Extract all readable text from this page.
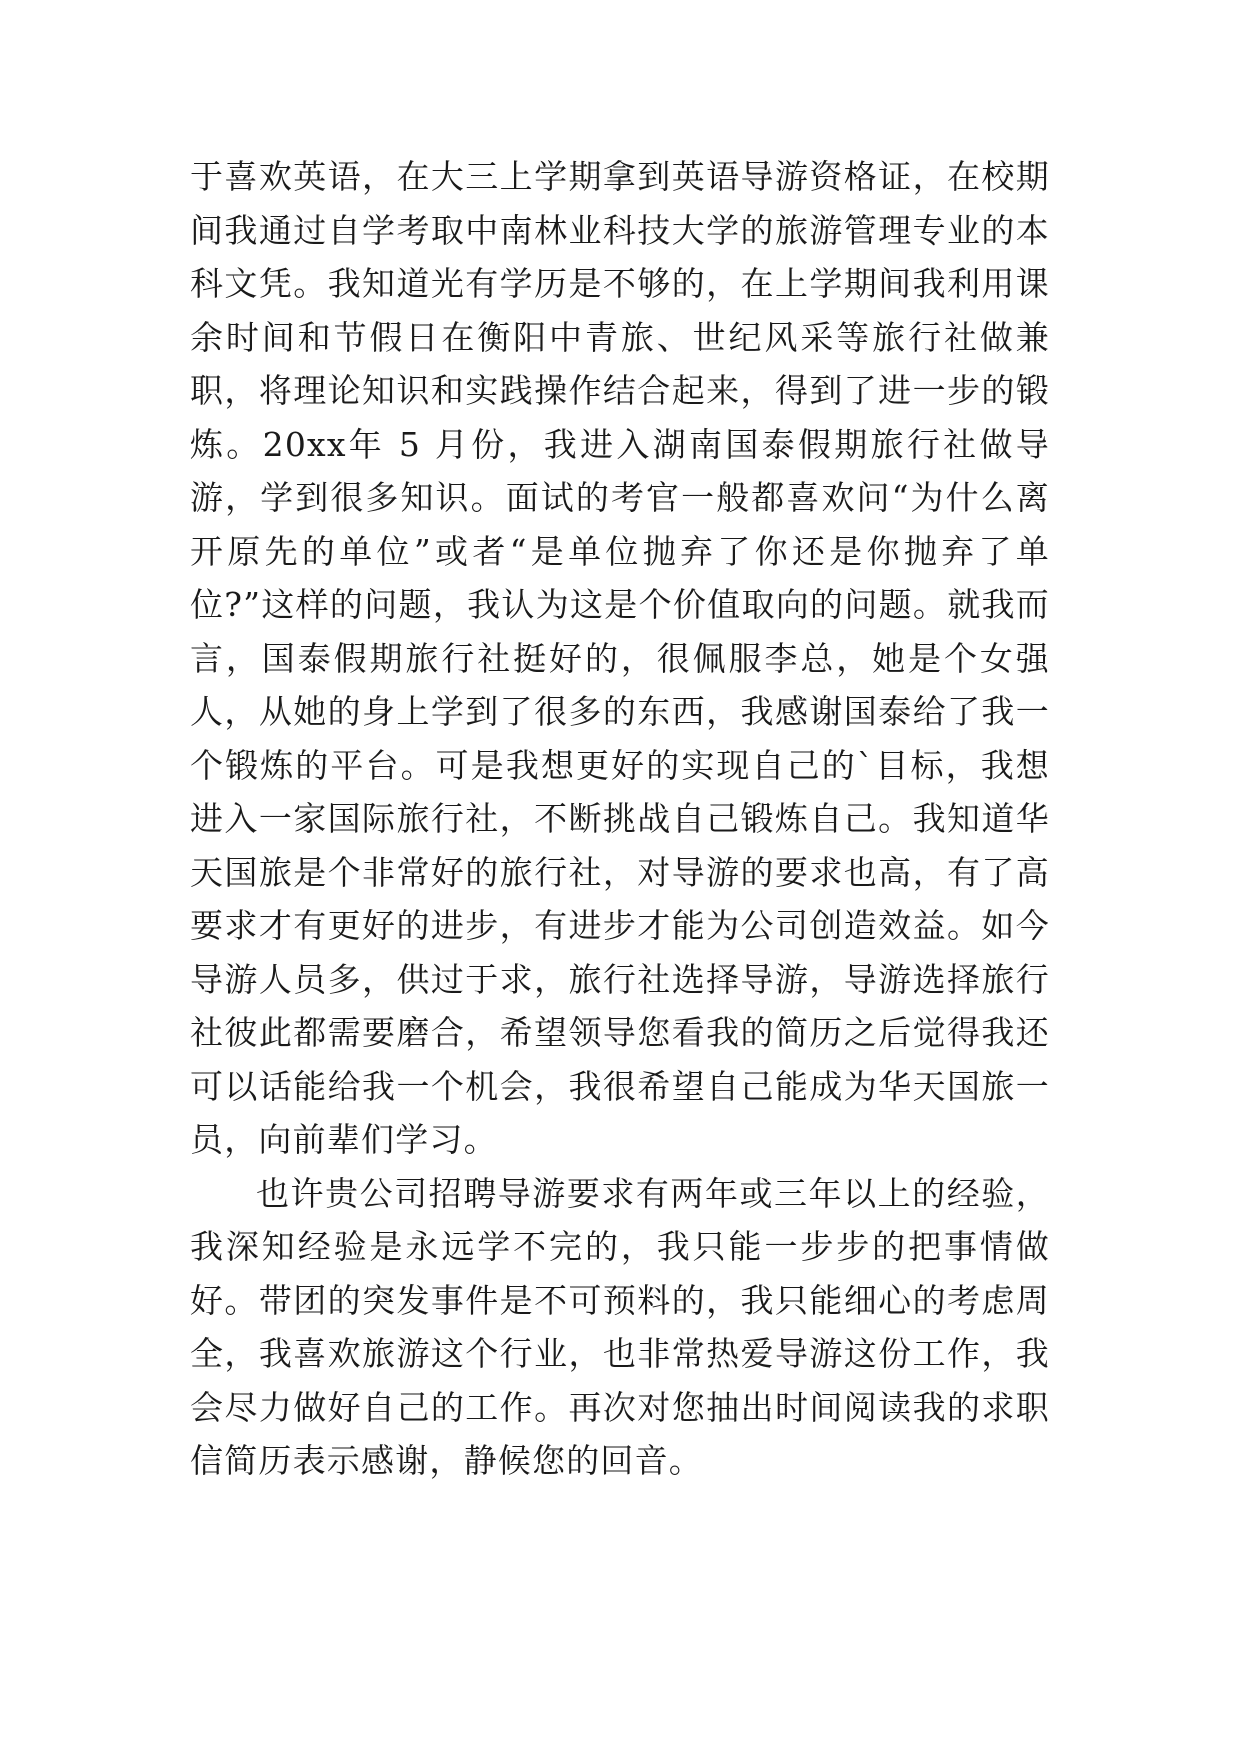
于喜欢英语，在大三上学期拿到英语导游资格证，在校期间我通过自学考取中南林业科技大学的旅游管理专业的本科文凭。我知道光有学历是不够的，在上学期间我利用课余时间和节假日在衡阳中青旅、世纪风采等旅行社做兼职，将理论知识和实践操作结合起来，得到了进一步的锻炼。20xx年 5 月份，我进入湖南国泰假期旅行社做导游，学到很多知识。面试的考官一般都喜欢问“为什么离开原先的单位”或者“是单位抛弃了你还是你抛弃了单位?”这样的问题，我认为这是个价值取向的问题。就我而言，国泰假期旅行社挺好的，很佩服李总，她是个女强人，从她的身上学到了很多的东西，我感谢国泰给了我一个锻炼的平台。可是我想更好的实现自己的`目标，我想进入一家国际旅行社，不断挑战自己锻炼自己。我知道华天国旅是个非常好的旅行社，对导游的要求也高，有了高要求才有更好的进步，有进步才能为公司创造效益。如今导游人员多，供过于求，旅行社选择导游，导游选择旅行社彼此都需要磨合，希望领导您看我的简历之后觉得我还可以话能给我一个机会，我很希望自己能成为华天国旅一员，向前辈们学习。

也许贵公司招聘导游要求有两年或三年以上的经验，我深知经验是永远学不完的，我只能一步步的把事情做好。带团的突发事件是不可预料的，我只能细心的考虑周全，我喜欢旅游这个行业，也非常热爱导游这份工作，我会尽力做好自己的工作。再次对您抽出时间阅读我的求职信简历表示感谢，静候您的回音。
